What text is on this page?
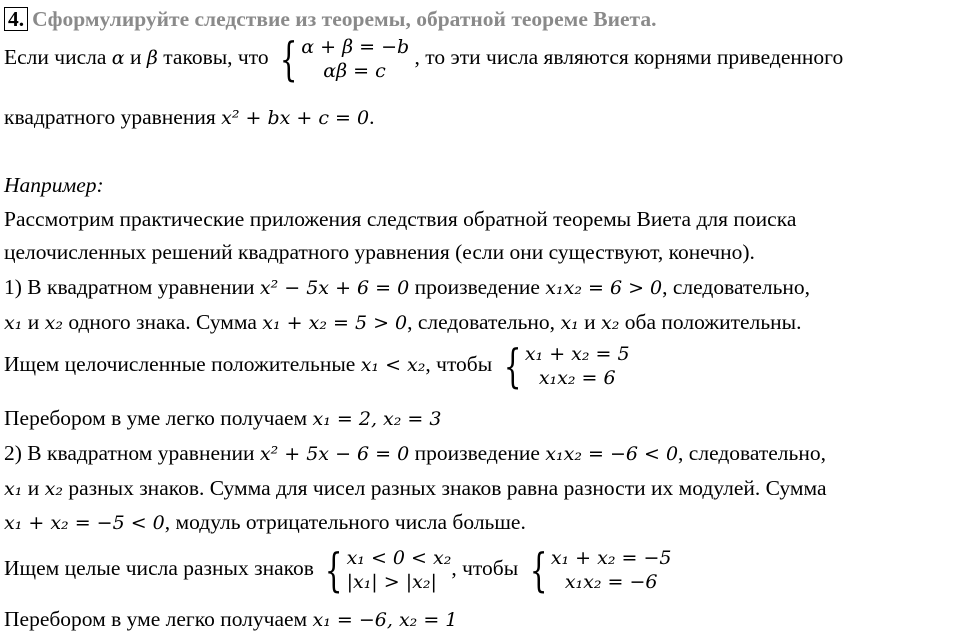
4. Сформулируйте следствие из теоремы, обратной теореме Виета.
Если числа α и β таковы, что { α + β = −b
αβ = c
, то эти числа являются корнями приведенного
квадратного уравнения x² + bx + c = 0.
Например:
Рассмотрим практические приложения следствия обратной теоремы Виета для поиска
целочисленных решений квадратного уравнения (если они существуют, конечно).
1) В квадратном уравнении x² − 5x + 6 = 0 произведение x₁x₂ = 6 > 0, следовательно,
x₁ и x₂ одного знака. Сумма x₁ + x₂ = 5 > 0, следовательно, x₁ и x₂ оба положительны.
Ищем целочисленные положительные x₁ < x₂, чтобы { x₁ + x₂ = 5
x₁x₂ = 6
Перебором в уме легко получаем x₁ = 2, x₂ = 3
2) В квадратном уравнении x² + 5x − 6 = 0 произведение x₁x₂ = −6 < 0, следовательно,
x₁ и x₂ разных знаков. Сумма для чисел разных знаков равна разности их модулей. Сумма
x₁ + x₂ = −5 < 0, модуль отрицательного числа больше.
Ищем целые числа разных знаков { x₁ < 0 < x₂
|x₁| > |x₂|
, чтобы { x₁ + x₂ = −5
x₁x₂ = −6
Перебором в уме легко получаем x₁ = −6, x₂ = 1
